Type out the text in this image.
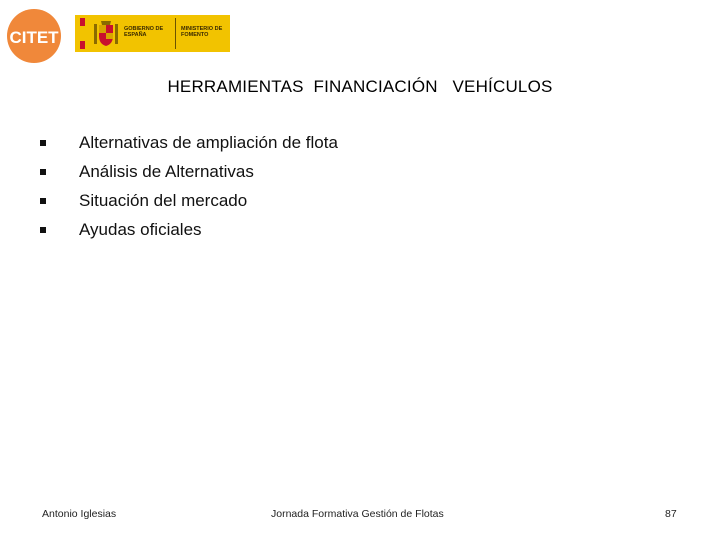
CITET	GOBIERNO DE ESPAÑA
MINISTERIO DE FOMENTO
HERRAMIENTAS  FINANCIACIÓN   VEHÍCULOS
Alternativas de ampliación de flota
Análisis de Alternativas
Situación del mercado
Ayudas oficiales
Antonio Iglesias	Jornada Formativa Gestión de Flotas	87
